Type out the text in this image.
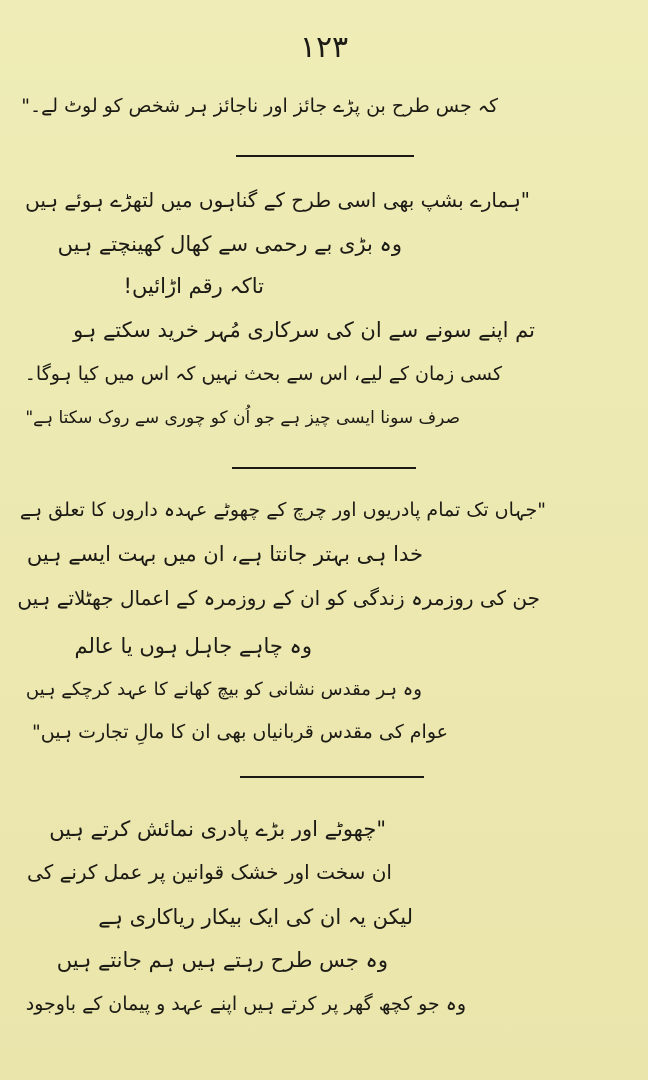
١٢٣
کہ جس طرح بن پڑے جائز اور ناجائز ہر شخص کو لوٹ لے۔"
"ہمارے بشپ بھی اسی طرح کے گناہوں میں لتھڑے ہوئے ہیں
وہ بڑی بے رحمی سے کھال کھینچتے ہیں
تاکہ رقم اڑائیں!
تم اپنے سونے سے ان کی سرکاری مُہر خرید سکتے ہو
کسی زمان کے لیے، اس سے بحث نہیں کہ اس میں کیا ہوگا۔
صرف سونا ایسی چیز ہے جو اُن کو چوری سے روک سکتا ہے"
"جہاں تک تمام پادریوں اور چرچ کے چھوٹے عہدہ داروں کا تعلق ہے
خدا ہی بہتر جانتا ہے، ان میں بہت ایسے ہیں
جن کی روزمرہ زندگی کو ان کے روزمرہ کے اعمال جھٹلاتے ہیں
وہ چاہے جاہل ہوں یا عالم
وہ ہر مقدس نشانی کو بیچ کھانے کا عہد کرچکے ہیں
عوام کی مقدس قربانیاں بھی ان کا مالِ تجارت ہیں"
"چھوٹے اور بڑے پادری نمائش کرتے ہیں
ان سخت اور خشک قوانین پر عمل کرنے کی
لیکن یہ ان کی ایک بیکار ریاکاری ہے
وہ جس طرح رہتے ہیں ہم جانتے ہیں
وہ جو کچھ گھر پر کرتے ہیں اپنے عہد و پیمان کے باوجود
